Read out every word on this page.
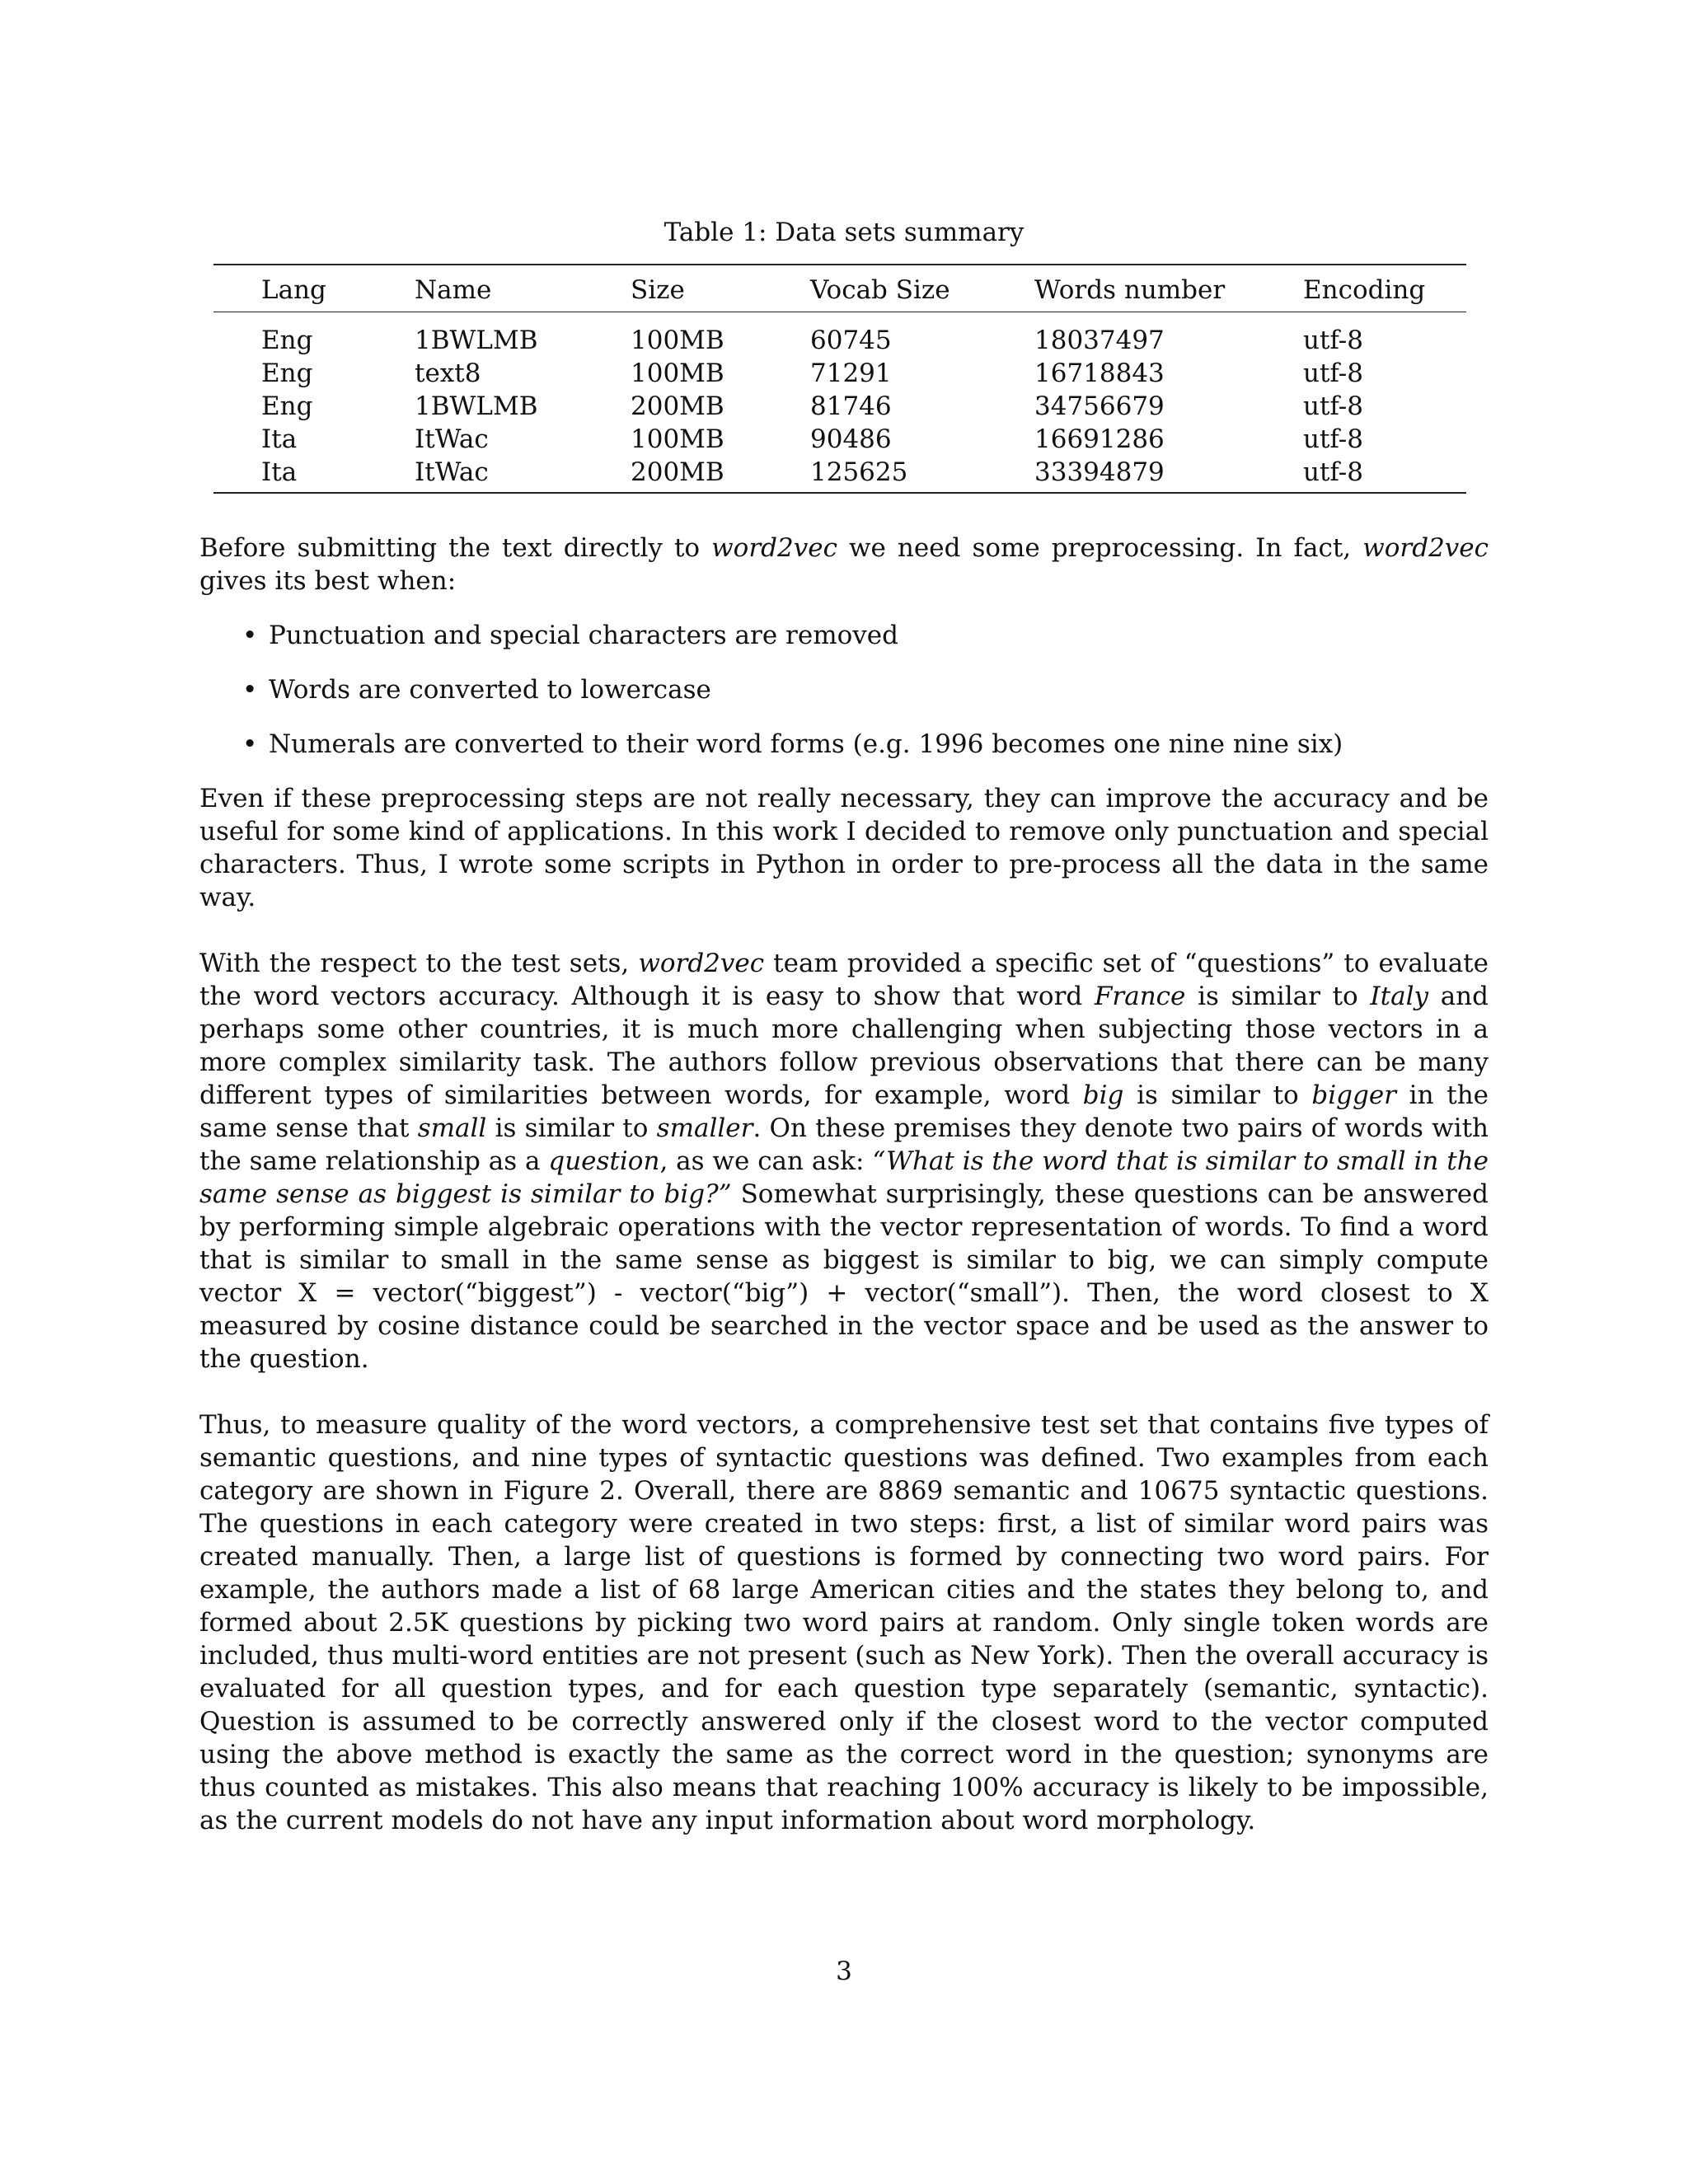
Table 1: Data sets summary
Lang	Name	Size	Vocab Size	Words number	Encoding
Eng	1BWLMB	100MB	60745	18037497	utf-8
Eng	text8	100MB	71291	16718843	utf-8
Eng	1BWLMB	200MB	81746	34756679	utf-8
Ita	ItWac	100MB	90486	16691286	utf-8
Ita	ItWac	200MB	125625	33394879	utf-8

Before submitting the text directly to word2vec we need some preprocessing. In fact, word2vec gives its best when:

• Punctuation and special characters are removed
• Words are converted to lowercase
• Numerals are converted to their word forms (e.g. 1996 becomes one nine nine six)

Even if these preprocessing steps are not really necessary, they can improve the accuracy and be useful for some kind of applications. In this work I decided to remove only punctuation and special characters. Thus, I wrote some scripts in Python in order to pre-process all the data in the same way.

With the respect to the test sets, word2vec team provided a specific set of “questions” to evaluate the word vectors accuracy. Although it is easy to show that word France is similar to Italy and perhaps some other countries, it is much more challenging when subjecting those vectors in a more complex similarity task. The authors follow previous observations that there can be many different types of similarities between words, for example, word big is similar to bigger in the same sense that small is similar to smaller. On these premises they denote two pairs of words with the same relationship as a question, as we can ask: “What is the word that is similar to small in the same sense as biggest is similar to big?” Somewhat surprisingly, these questions can be answered by performing simple algebraic operations with the vector representation of words. To find a word that is similar to small in the same sense as biggest is similar to big, we can simply compute vector X = vector(“biggest”) - vector(“big”) + vector(“small”). Then, the word closest to X measured by cosine distance could be searched in the vector space and be used as the answer to the question.

Thus, to measure quality of the word vectors, a comprehensive test set that contains five types of semantic questions, and nine types of syntactic questions was defined. Two examples from each category are shown in Figure 2. Overall, there are 8869 semantic and 10675 syntactic questions. The questions in each category were created in two steps: first, a list of similar word pairs was created manually. Then, a large list of questions is formed by connecting two word pairs. For example, the authors made a list of 68 large American cities and the states they belong to, and formed about 2.5K questions by picking two word pairs at random. Only single token words are included, thus multi-word entities are not present (such as New York). Then the overall accuracy is evaluated for all question types, and for each question type separately (semantic, syntactic). Question is assumed to be correctly answered only if the closest word to the vector computed using the above method is exactly the same as the correct word in the question; synonyms are thus counted as mistakes. This also means that reaching 100% accuracy is likely to be impossible, as the current models do not have any input information about word morphology.

3
